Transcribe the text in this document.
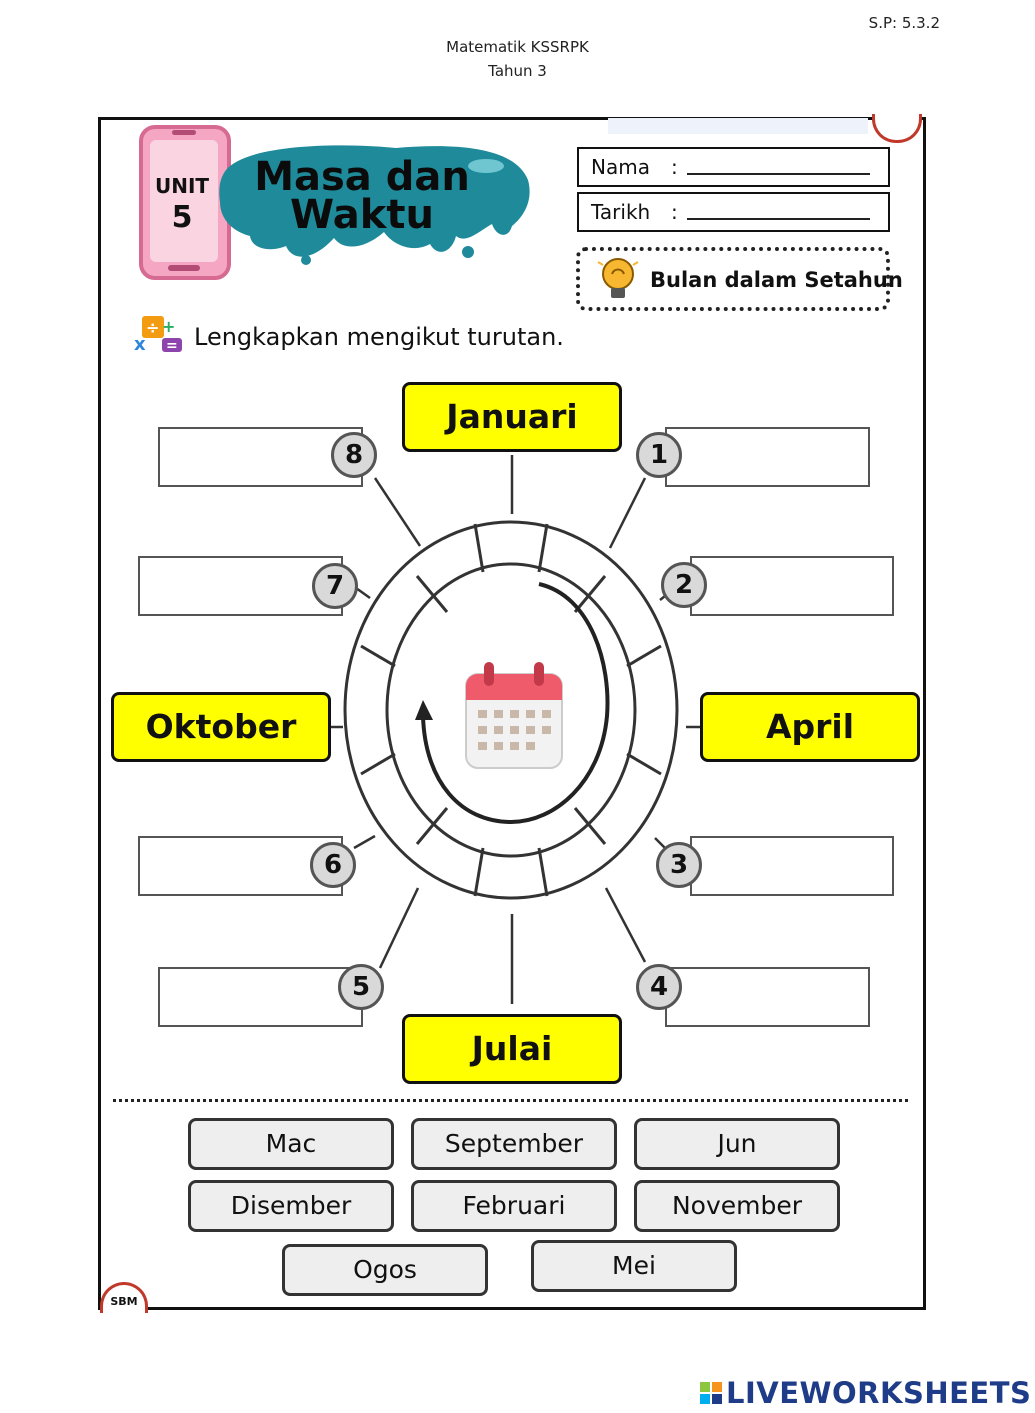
S.P: 5.3.2
Matematik KSSRPK
Tahun 3
SBM
UNIT
5
Masa dan
Waktu
Nama	:
Tarikh	:
Bulan dalam Setahun
÷
x
+
= Lengkapkan mengikut turutan.
Januari
April
Julai
Oktober
1
2
3
4
5
6
7
8
Mac	September	Jun
Disember	Februari	November
Ogos	Mei
LIVEWORKSHEETS
